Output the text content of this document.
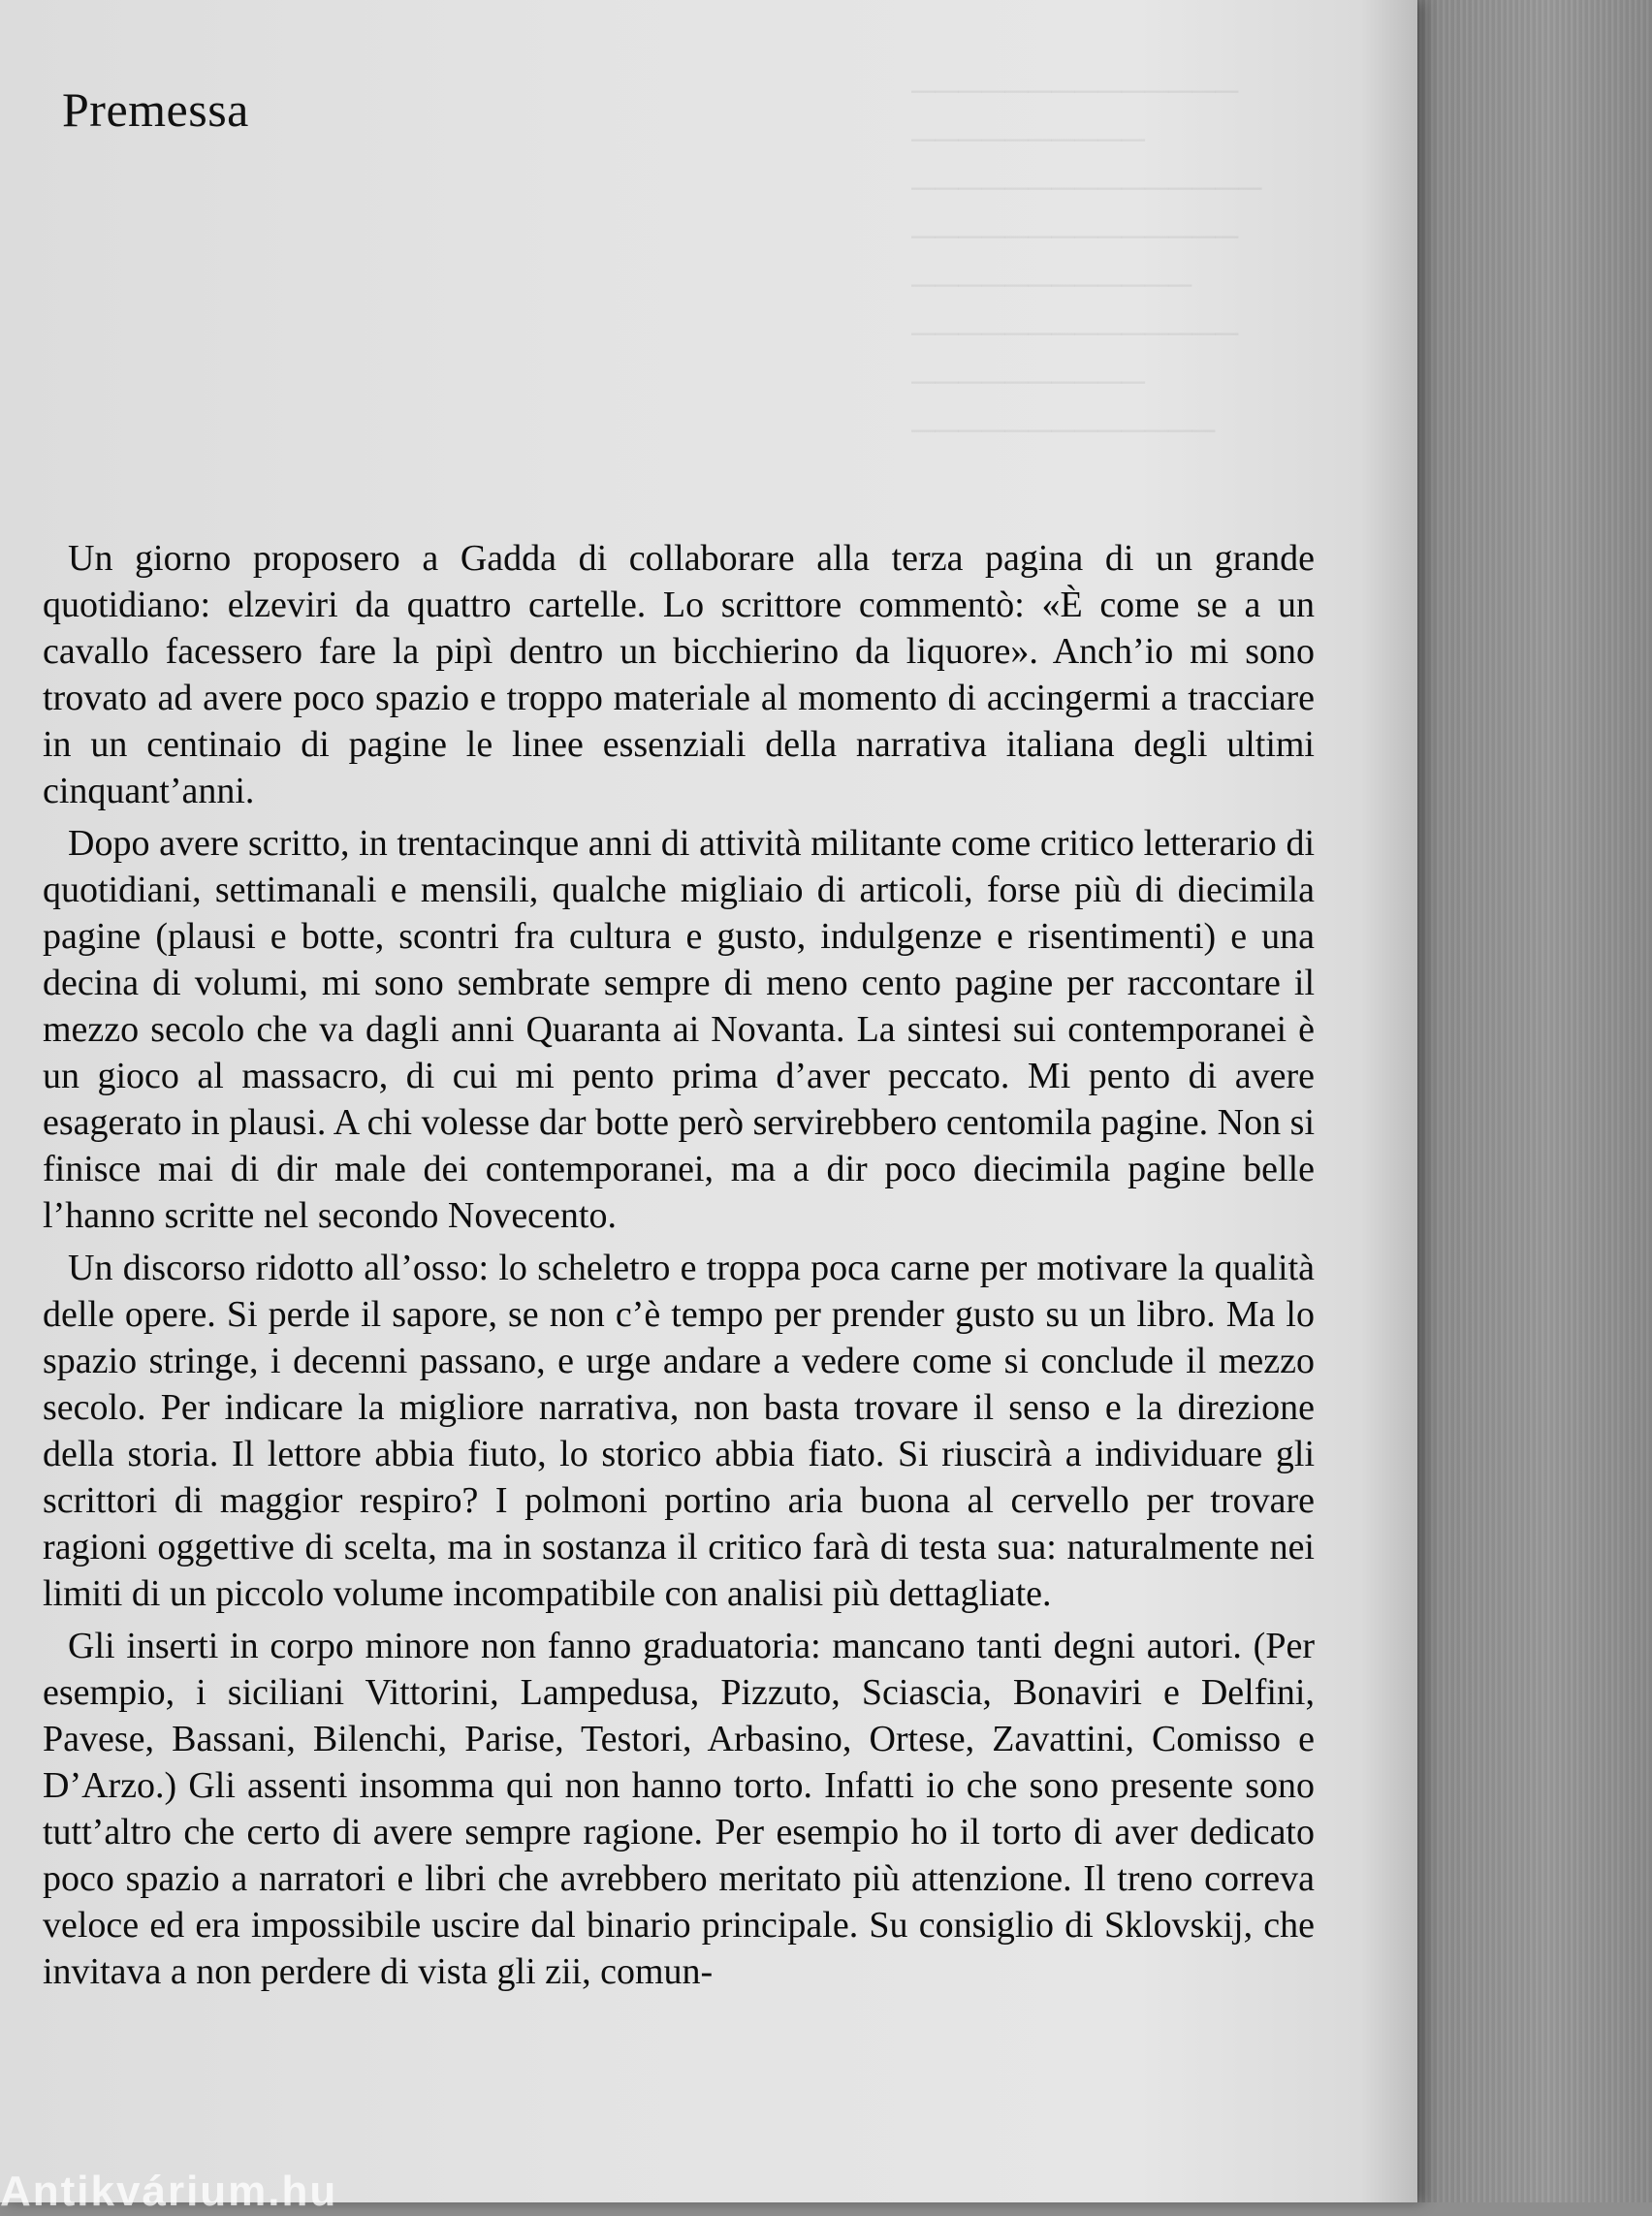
──────────────
──────────
───────────────
──────────────
────────────
──────────────
──────────
─────────────
Premessa

Un giorno proposero a Gadda di collaborare alla terza pagina di un grande quotidiano: elzeviri da quattro cartelle. Lo scrittore commentò: «È come se a un cavallo facessero fare la pipì dentro un bicchierino da liquore». Anch’io mi sono trovato ad avere poco spazio e troppo materiale al momento di accingermi a tracciare in un centinaio di pagine le linee essenziali della narrativa italiana degli ultimi cinquant’anni.

Dopo avere scritto, in trentacinque anni di attività militante come critico letterario di quotidiani, settimanali e mensili, qualche migliaio di articoli, forse più di diecimila pagine (plausi e botte, scontri fra cultura e gusto, indulgenze e risentimenti) e una decina di volumi, mi sono sembrate sempre di meno cento pagine per raccontare il mezzo secolo che va dagli anni Quaranta ai Novanta. La sintesi sui contemporanei è un gioco al massacro, di cui mi pento prima d’aver peccato. Mi pento di avere esagerato in plausi. A chi volesse dar botte però servirebbero centomila pagine. Non si finisce mai di dir male dei contemporanei, ma a dir poco diecimila pagine belle l’hanno scritte nel secondo Novecento.

Un discorso ridotto all’osso: lo scheletro e troppa poca carne per motivare la qualità delle opere. Si perde il sapore, se non c’è tempo per prender gusto su un libro. Ma lo spazio stringe, i decenni passano, e urge andare a vedere come si conclude il mezzo secolo. Per indicare la migliore narrativa, non basta trovare il senso e la direzione della storia. Il lettore abbia fiuto, lo storico abbia fiato. Si riuscirà a individuare gli scrittori di maggior respiro? I polmoni portino aria buona al cervello per trovare ragioni oggettive di scelta, ma in sostanza il critico farà di testa sua: naturalmente nei limiti di un piccolo volume incompatibile con analisi più dettagliate.

Gli inserti in corpo minore non fanno graduatoria: mancano tanti degni autori. (Per esempio, i siciliani Vittorini, Lampedusa, Pizzuto, Sciascia, Bonaviri e Delfini, Pavese, Bassani, Bilenchi, Parise, Testori, Arbasino, Ortese, Zavattini, Comisso e D’Arzo.) Gli assenti insomma qui non hanno torto. Infatti io che sono presente sono tutt’altro che certo di avere sempre ragione. Per esempio ho il torto di aver dedicato poco spazio a narratori e libri che avrebbero meritato più attenzione. Il treno correva veloce ed era impossibile uscire dal binario principale. Su consiglio di Sklovskij, che invitava a non perdere di vista gli zii, comun-

Antikvárium.hu
